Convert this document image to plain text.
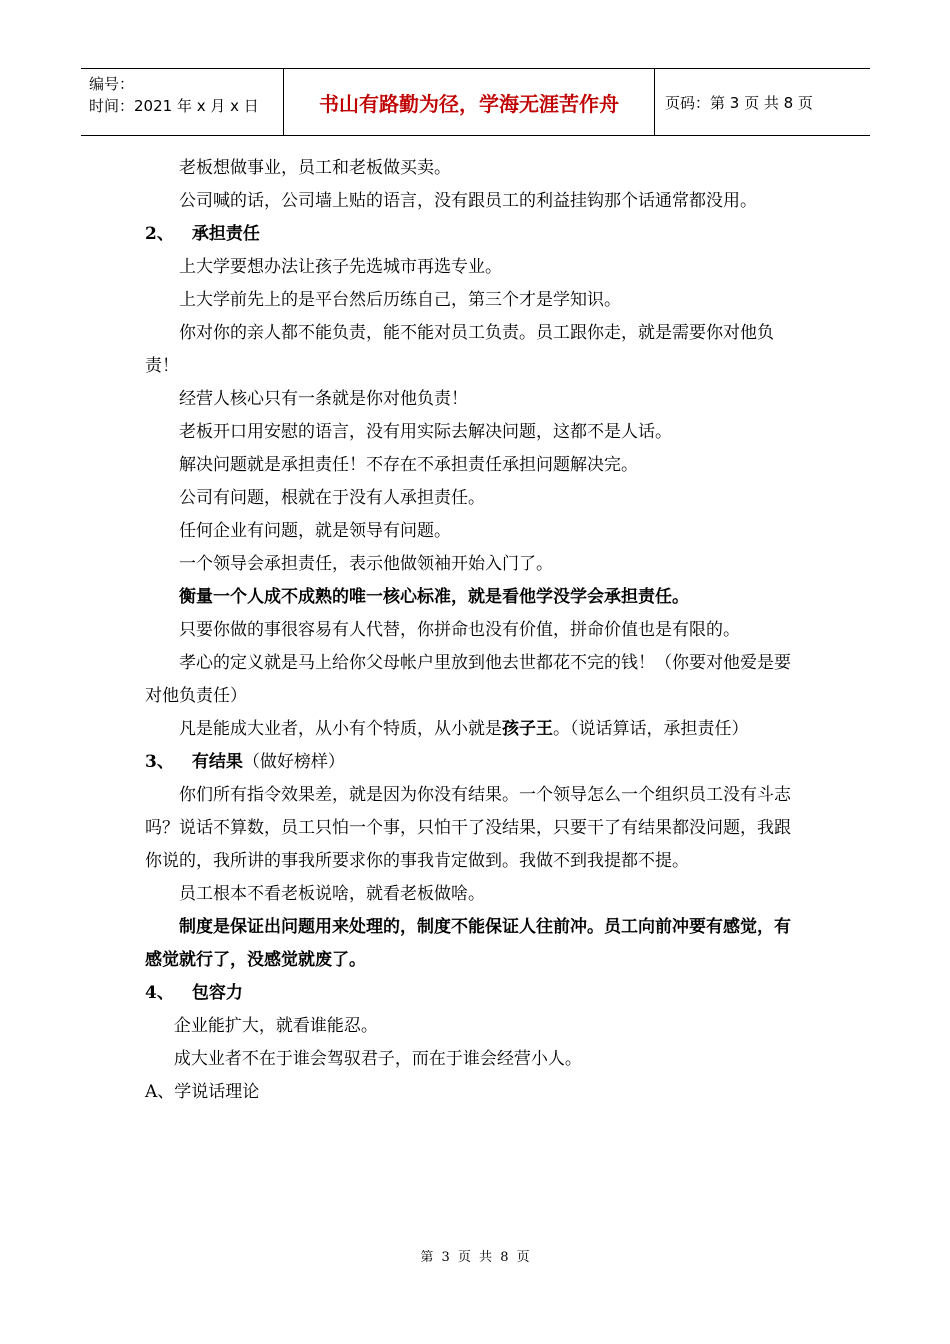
编号：
时间：2021 年 x 月 x 日	书山有路勤为径，学海无涯苦作舟	页码：第 3 页 共 8 页

老板想做事业，员工和老板做买卖。

公司喊的话，公司墙上贴的语言，没有跟员工的利益挂钩那个话通常都没用。

2、 承担责任

上大学要想办法让孩子先选城市再选专业。

上大学前先上的是平台然后历练自己，第三个才是学知识。

你对你的亲人都不能负责，能不能对员工负责。员工跟你走，就是需要你对他负责！

经营人核心只有一条就是你对他负责！

老板开口用安慰的语言，没有用实际去解决问题，这都不是人话。

解决问题就是承担责任！不存在不承担责任承担问题解决完。

公司有问题，根就在于没有人承担责任。

任何企业有问题，就是领导有问题。

一个领导会承担责任，表示他做领袖开始入门了。

衡量一个人成不成熟的唯一核心标准，就是看他学没学会承担责任。

只要你做的事很容易有人代替，你拼命也没有价值，拼命价值也是有限的。

孝心的定义就是马上给你父母帐户里放到他去世都花不完的钱！（你要对他爱是要对他负责任）

凡是能成大业者，从小有个特质，从小就是孩子王。（说话算话，承担责任）

3、 有结果（做好榜样）

你们所有指令效果差，就是因为你没有结果。一个领导怎么一个组织员工没有斗志吗？说话不算数，员工只怕一个事，只怕干了没结果，只要干了有结果都没问题，我跟你说的，我所讲的事我所要求你的事我肯定做到。我做不到我提都不提。

员工根本不看老板说啥，就看老板做啥。

制度是保证出问题用来处理的，制度不能保证人往前冲。员工向前冲要有感觉，有感觉就行了，没感觉就废了。

4、 包容力

企业能扩大，就看谁能忍。

成大业者不在于谁会驾驭君子，而在于谁会经营小人。

A、学说话理论

第 3 页 共 8 页
